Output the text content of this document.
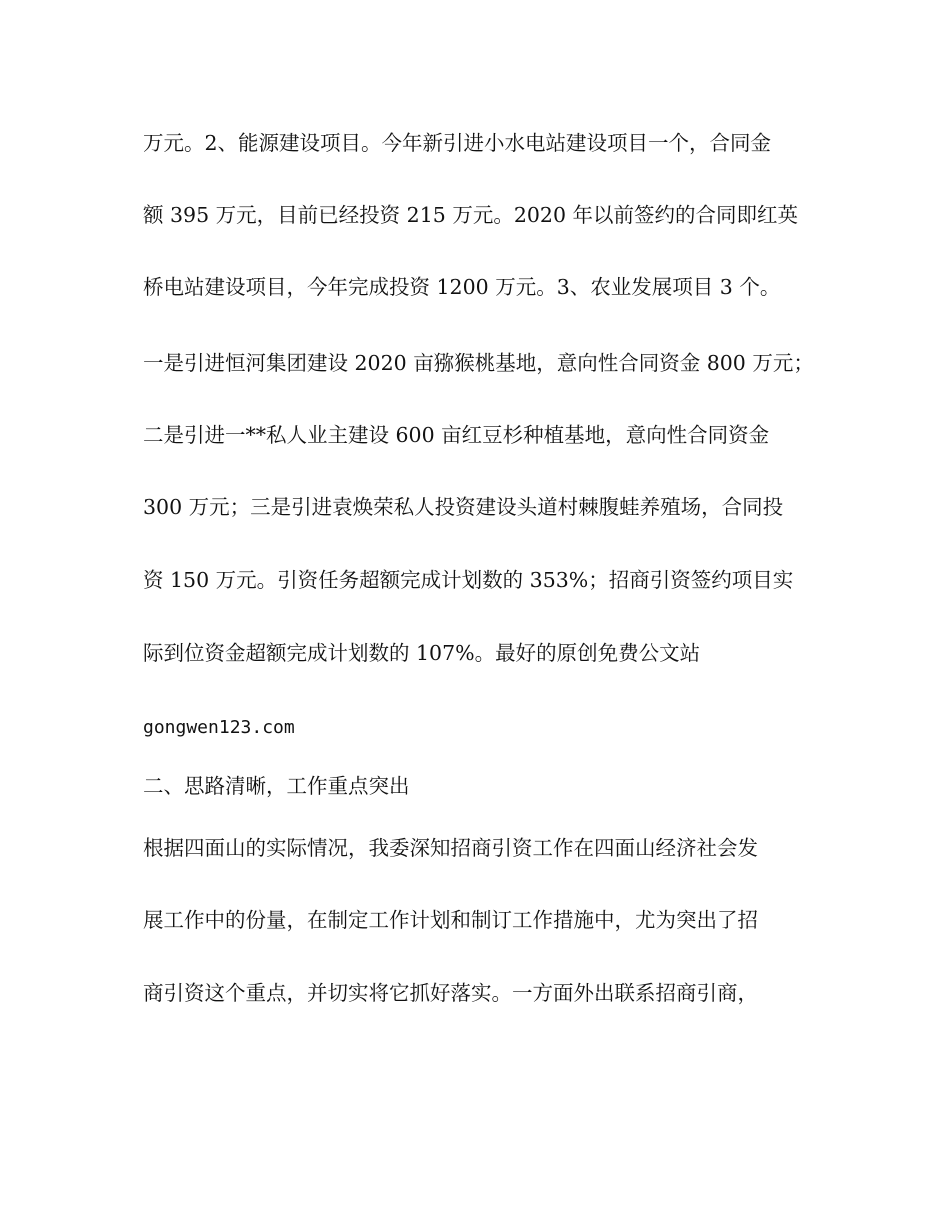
万元。2、能源建设项目。今年新引进小水电站建设项目一个，合同金
额 395 万元，目前已经投资 215 万元。2020 年以前签约的合同即红英
桥电站建设项目，今年完成投资 1200 万元。3、农业发展项目 3 个。
一是引进恒河集团建设 2020 亩猕猴桃基地，意向性合同资金 800 万元；
二是引进一**私人业主建设 600 亩红豆杉种植基地，意向性合同资金
300 万元；三是引进袁焕荣私人投资建设头道村棘腹蛙养殖场，合同投
资 150 万元。引资任务超额完成计划数的 353%；招商引资签约项目实
际到位资金超额完成计划数的 107%。最好的原创免费公文站
gongwen123.com
二、思路清晰，工作重点突出
根据四面山的实际情况，我委深知招商引资工作在四面山经济社会发
展工作中的份量，在制定工作计划和制订工作措施中，尤为突出了招
商引资这个重点，并切实将它抓好落实。一方面外出联系招商引商，
